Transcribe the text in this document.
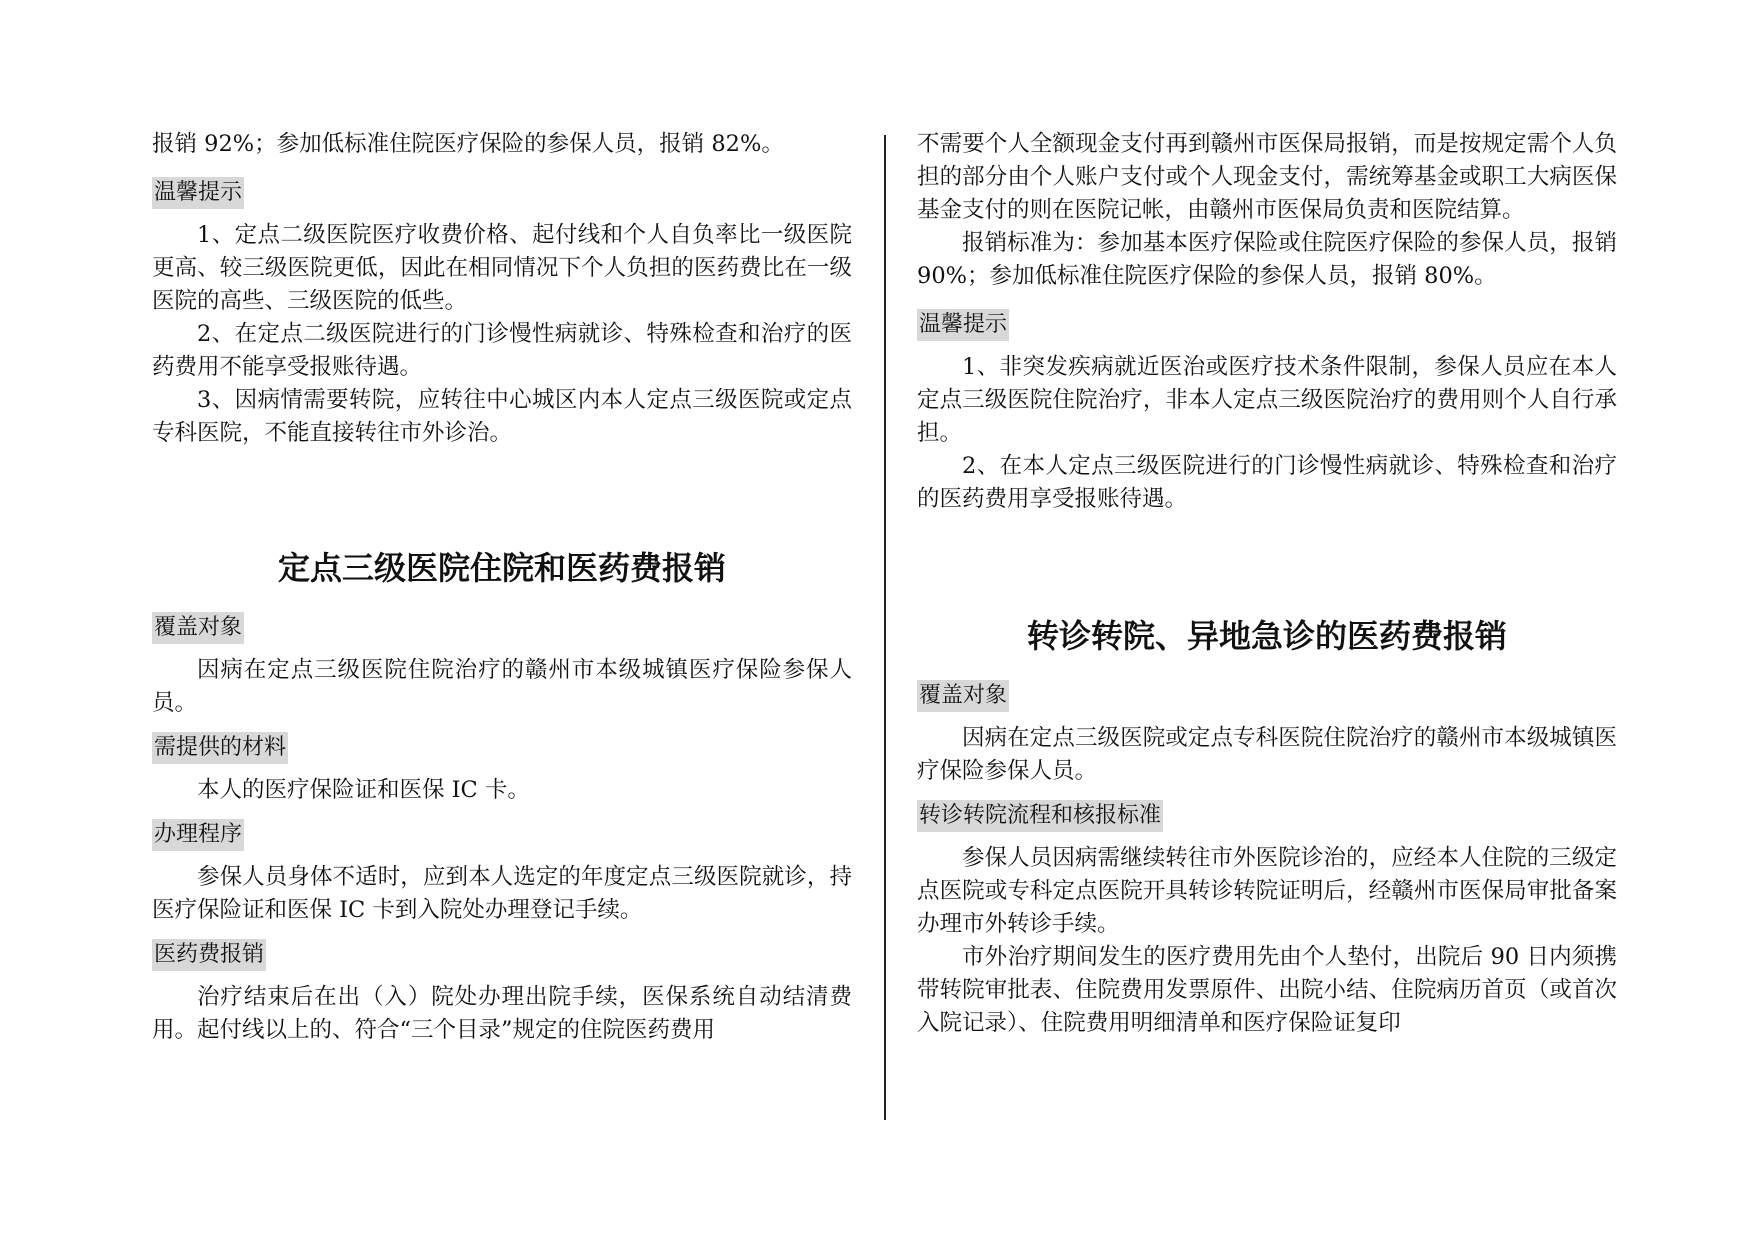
报销 92%；参加低标准住院医疗保险的参保人员，报销 82%。

温馨提示

1、定点二级医院医疗收费价格、起付线和个人自负率比一级医院更高、较三级医院更低，因此在相同情况下个人负担的医药费比在一级医院的高些、三级医院的低些。

2、在定点二级医院进行的门诊慢性病就诊、特殊检查和治疗的医药费用不能享受报账待遇。

3、因病情需要转院，应转往中心城区内本人定点三级医院或定点专科医院，不能直接转往市外诊治。

定点三级医院住院和医药费报销
覆盖对象

因病在定点三级医院住院治疗的赣州市本级城镇医疗保险参保人员。

需提供的材料

本人的医疗保险证和医保 IC 卡。

办理程序

参保人员身体不适时，应到本人选定的年度定点三级医院就诊，持医疗保险证和医保 IC 卡到入院处办理登记手续。

医药费报销

治疗结束后在出（入）院处办理出院手续，医保系统自动结清费用。起付线以上的、符合“三个目录”规定的住院医药费用

不需要个人全额现金支付再到赣州市医保局报销，而是按规定需个人负担的部分由个人账户支付或个人现金支付，需统筹基金或职工大病医保基金支付的则在医院记帐，由赣州市医保局负责和医院结算。

报销标准为：参加基本医疗保险或住院医疗保险的参保人员，报销 90%；参加低标准住院医疗保险的参保人员，报销 80%。

温馨提示

1、非突发疾病就近医治或医疗技术条件限制，参保人员应在本人定点三级医院住院治疗，非本人定点三级医院治疗的费用则个人自行承担。

2、在本人定点三级医院进行的门诊慢性病就诊、特殊检查和治疗的医药费用享受报账待遇。

转诊转院、异地急诊的医药费报销
覆盖对象

因病在定点三级医院或定点专科医院住院治疗的赣州市本级城镇医疗保险参保人员。

转诊转院流程和核报标准

参保人员因病需继续转往市外医院诊治的，应经本人住院的三级定点医院或专科定点医院开具转诊转院证明后，经赣州市医保局审批备案办理市外转诊手续。

市外治疗期间发生的医疗费用先由个人垫付，出院后 90 日内须携带转院审批表、住院费用发票原件、出院小结、住院病历首页（或首次入院记录）、住院费用明细清单和医疗保险证复印
